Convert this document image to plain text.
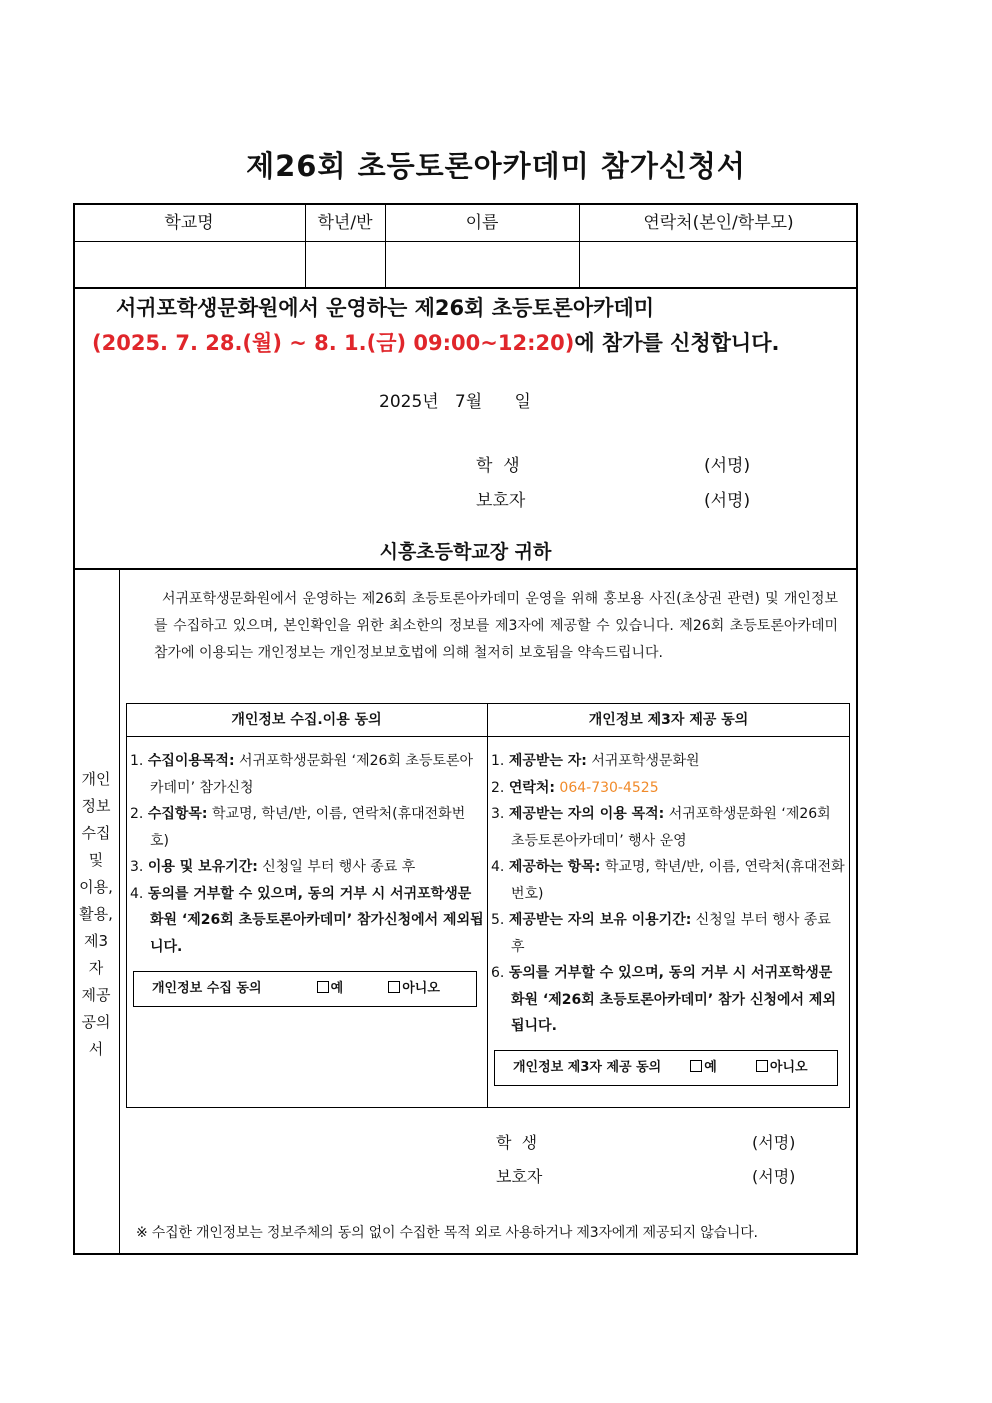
제26회 초등토론아카데미 참가신청서
학교명	학년/반	이름	연락처(본인/학부모)
서귀포학생문화원에서 운영하는 제26회 초등토론아카데미
(2025. 7. 28.(월) ~ 8. 1.(금) 09:00~12:20)에 참가를 신청합니다.
2025년   7월      일
학  생	(서명)
보호자	(서명)
시흥초등학교장 귀하
개인
정보
수집
및
이용,
활용,
제3
자
제공
공의
서
서귀포학생문화원에서 운영하는 제26회 초등토론아카데미 운영을 위해 홍보용 사진(초상권 관련) 및 개인정보를 수집하고 있으며, 본인확인을 위한 최소한의 정보를 제3자에 제공할 수 있습니다. 제26회 초등토론아카데미 참가에 이용되는 개인정보는 개인정보보호법에 의해 철저히 보호됨을 약속드립니다.
개인정보 수집.이용 동의	개인정보 제3자 제공 동의
1. 수집이용목적: 서귀포학생문화원 ‘제26회 초등토론아카데미’ 참가신청
2. 수집항목: 학교명, 학년/반, 이름, 연락처(휴대전화번호)
3. 이용 및 보유기간: 신청일 부터 행사 종료 후
4. 동의를 거부할 수 있으며, 동의 거부 시 서귀포학생문화원 ‘제26회 초등토론아카데미’ 참가신청에서 제외됩니다.
1. 제공받는 자: 서귀포학생문화원
2. 연락처: 064-730-4525
3. 제공받는 자의 이용 목적: 서귀포학생문화원 ‘제26회 초등토론아카데미’ 행사 운영
4. 제공하는 항목: 학교명, 학년/반, 이름, 연락처(휴대전화번호)
5. 제공받는 자의 보유 이용기간: 신청일 부터 행사 종료 후
6. 동의를 거부할 수 있으며, 동의 거부 시 서귀포학생문화원 ‘제26회 초등토론아카데미’ 참가 신청에서 제외됩니다.
개인정보 수집 동의	예	아니오
개인정보 제3자 제공 동의	예	아니오
학  생	(서명)
보호자	(서명)
※ 수집한 개인정보는 정보주체의 동의 없이 수집한 목적 외로 사용하거나 제3자에게 제공되지 않습니다.
